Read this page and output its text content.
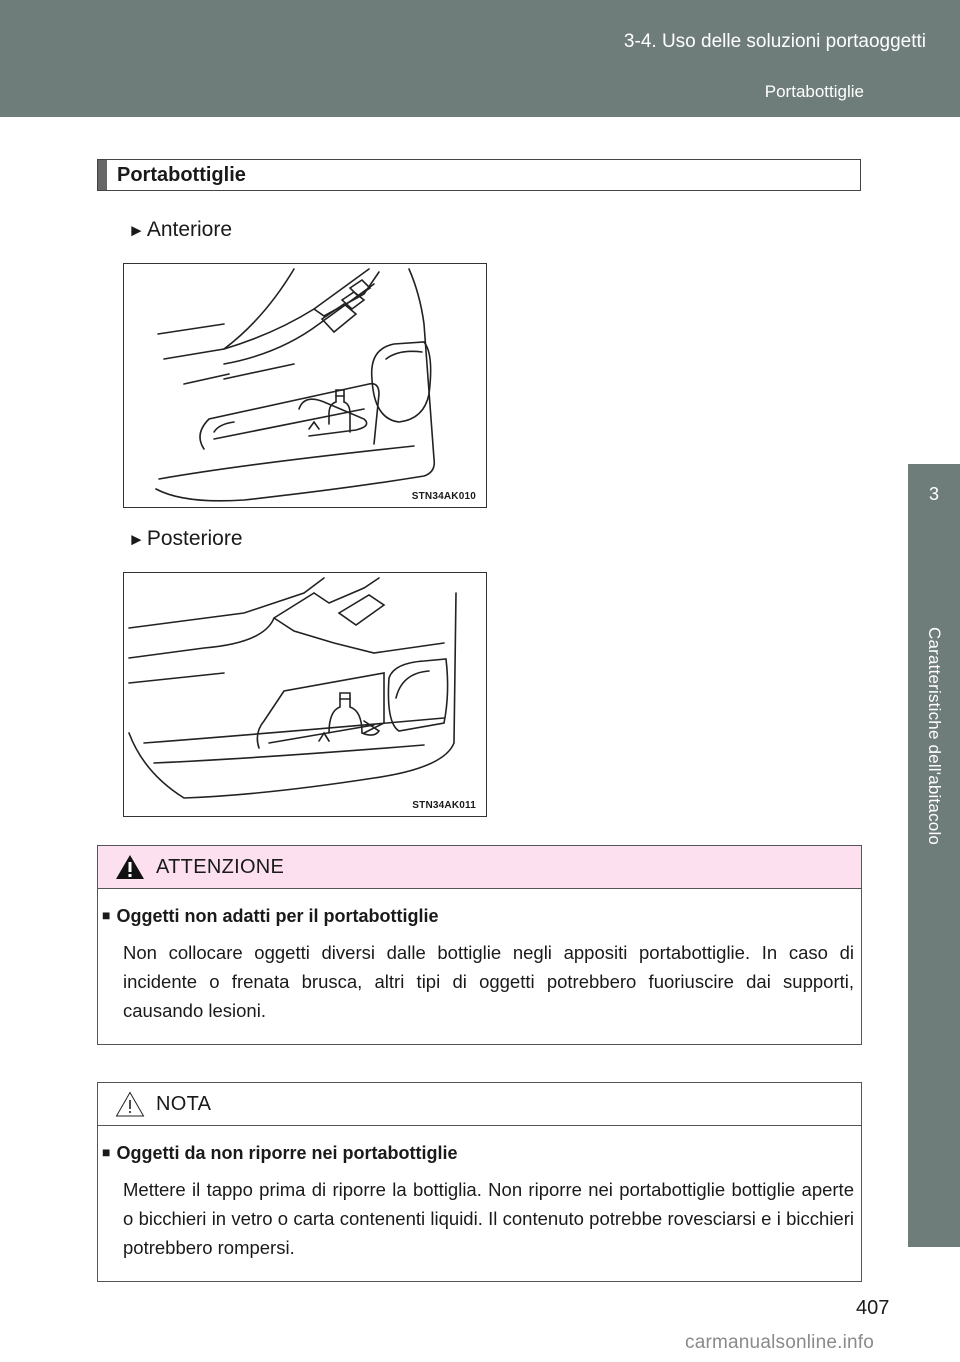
3-4. Uso delle soluzioni portaoggetti
Portabottiglie
3
Caratteristiche dell'abitacolo
Portabottiglie
►Anteriore
STN34AK010
►Posteriore
STN34AK011
ATTENZIONE
■ Oggetti non adatti per il portabottiglie
Non collocare oggetti diversi dalle bottiglie negli appositi portabottiglie. In caso di incidente o frenata brusca, altri tipi di oggetti potrebbero fuoriuscire dai supporti, causando lesioni.
NOTA
■ Oggetti da non riporre nei portabottiglie
Mettere il tappo prima di riporre la bottiglia. Non riporre nei portabottiglie bottiglie aperte o bicchieri in vetro o carta contenenti liquidi. Il contenuto potrebbe rovesciarsi e i bicchieri potrebbero rompersi.
407
carmanualsonline.info
